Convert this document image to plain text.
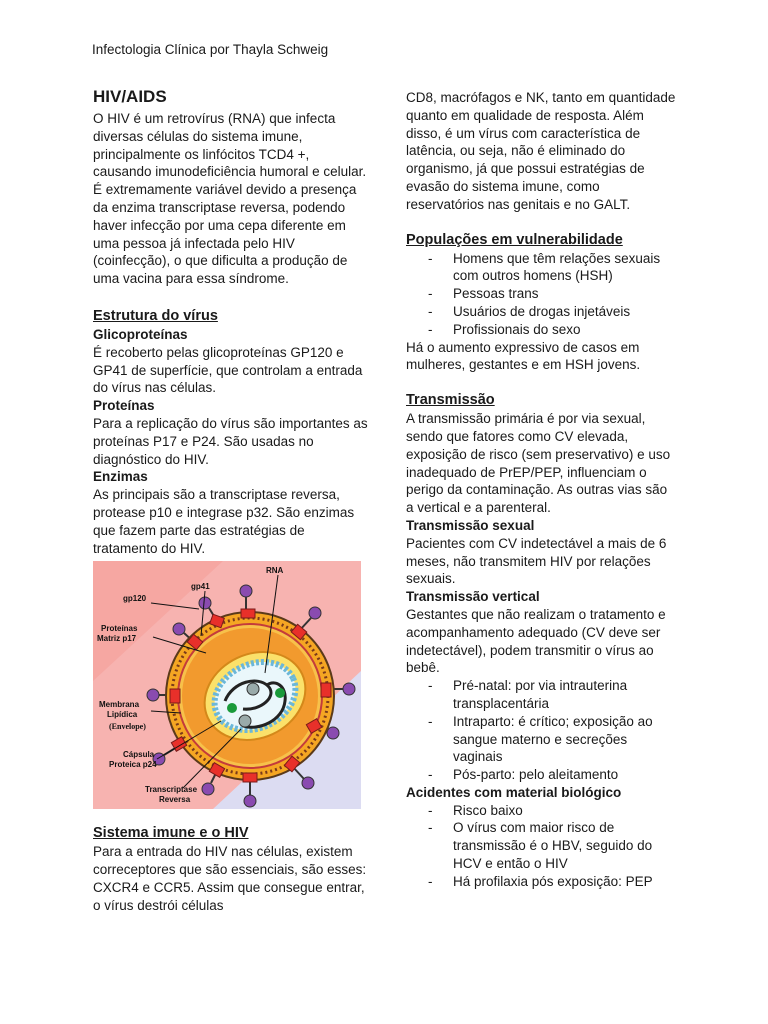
Infectologia Clínica por Thayla Schweig

HIV/AIDS

O HIV é um retrovírus (RNA) que infecta diversas células do sistema imune, principalmente os linfócitos TCD4 +, causando imunodeficiência humoral e celular. É extremamente variável devido a presença da enzima transcriptase reversa, podendo haver infecção por uma cepa diferente em uma pessoa já infectada pelo HIV (coinfecção), o que dificulta a produção de uma vacina para essa síndrome.

Estrutura do vírus

Glicoproteínas

É recoberto pelas glicoproteínas GP120 e GP41 de superfície, que controlam a entrada do vírus nas células.

Proteínas

Para a replicação do vírus são importantes as proteínas P17 e P24. São usadas no diagnóstico do HIV.

Enzimas

As principais são a transcriptase reversa, protease p10 e integrase p32. São enzimas que fazem parte das estratégias de tratamento do HIV.

RNA
gp41
gp120
Proteínas
Matriz p17
Membrana
Lipídica
(Envelope)
Cápsula
Proteica p24
Transcriptase
Reversa

Sistema imune e o HIV

Para a entrada do HIV nas células, existem correceptores que são essenciais, são esses: CXCR4 e CCR5. Assim que consegue entrar, o vírus destrói células

CD8, macrófagos e NK, tanto em quantidade quanto em qualidade de resposta. Além disso, é um vírus com característica de latência, ou seja, não é eliminado do organismo, já que possui estratégias de evasão do sistema imune, como reservatórios nas genitais e no GALT.

Populações em vulnerabilidade

- Homens que têm relações sexuais com outros homens (HSH)
- Pessoas trans
- Usuários de drogas injetáveis
- Profissionais do sexo

Há o aumento expressivo de casos em mulheres, gestantes e em HSH jovens.

Transmissão

A transmissão primária é por via sexual, sendo que fatores como CV elevada, exposição de risco (sem preservativo) e uso inadequado de PrEP/PEP, influenciam o perigo da contaminação. As outras vias são a vertical e a parenteral.

Transmissão sexual

Pacientes com CV indetectável a mais de 6 meses, não transmitem HIV por relações sexuais.

Transmissão vertical

Gestantes que não realizam o tratamento e acompanhamento adequado (CV deve ser indetectável), podem transmitir o vírus ao bebê.

- Pré-natal: por via intrauterina transplacentária
- Intraparto: é crítico; exposição ao sangue materno e secreções vaginais
- Pós-parto: pelo aleitamento

Acidentes com material biológico

- Risco baixo
- O vírus com maior risco de transmissão é o HBV, seguido do HCV e então o HIV
- Há profilaxia pós exposição: PEP
